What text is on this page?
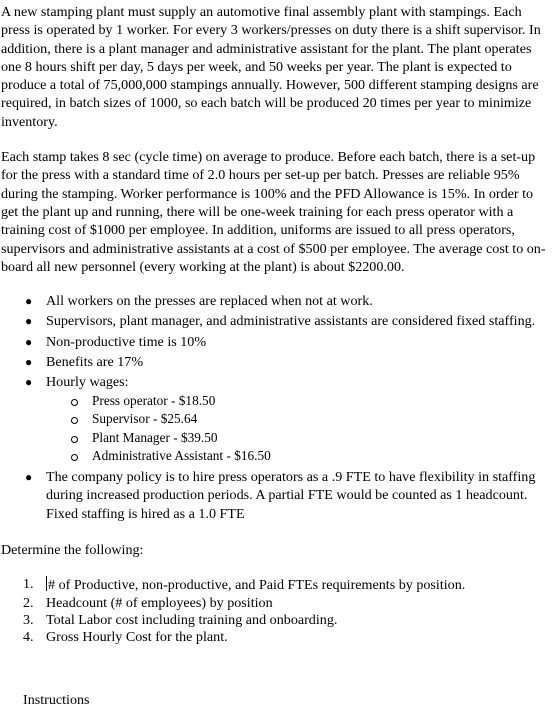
A new stamping plant must supply an automotive final assembly plant with stampings. Each press is operated by 1 worker. For every 3 workers/presses on duty there is a shift supervisor. In addition, there is a plant manager and administrative assistant for the plant. The plant operates one 8 hours shift per day, 5 days per week, and 50 weeks per year. The plant is expected to produce a total of 75,000,000 stampings annually. However, 500 different stamping designs are required, in batch sizes of 1000, so each batch will be produced 20 times per year to minimize inventory.

Each stamp takes 8 sec (cycle time) on average to produce. Before each batch, there is a set-up for the press with a standard time of 2.0 hours per set-up per batch. Presses are reliable 95% during the stamping. Worker performance is 100% and the PFD Allowance is 15%. In order to get the plant up and running, there will be one-week training for each press operator with a training cost of $1000 per employee. In addition, uniforms are issued to all press operators, supervisors and administrative assistants at a cost of $500 per employee. The average cost to on-board all new personnel (every working at the plant) is about $2200.00.

● All workers on the presses are replaced when not at work.
● Supervisors, plant manager, and administrative assistants are considered fixed staffing.
● Non-productive time is 10%
● Benefits are 17%
● Hourly wages:
Press operator - $18.50
Supervisor - $25.64
Plant Manager - $39.50
Administrative Assistant - $16.50
● The company policy is to hire press operators as a .9 FTE to have flexibility in staffing during increased production periods. A partial FTE would be counted as 1 headcount. Fixed staffing is hired as a 1.0 FTE

Determine the following:

1. # of Productive, non-productive, and Paid FTEs requirements by position.
2. Headcount (# of employees) by position
3. Total Labor cost including training and onboarding.
4. Gross Hourly Cost for the plant.
Instructions
